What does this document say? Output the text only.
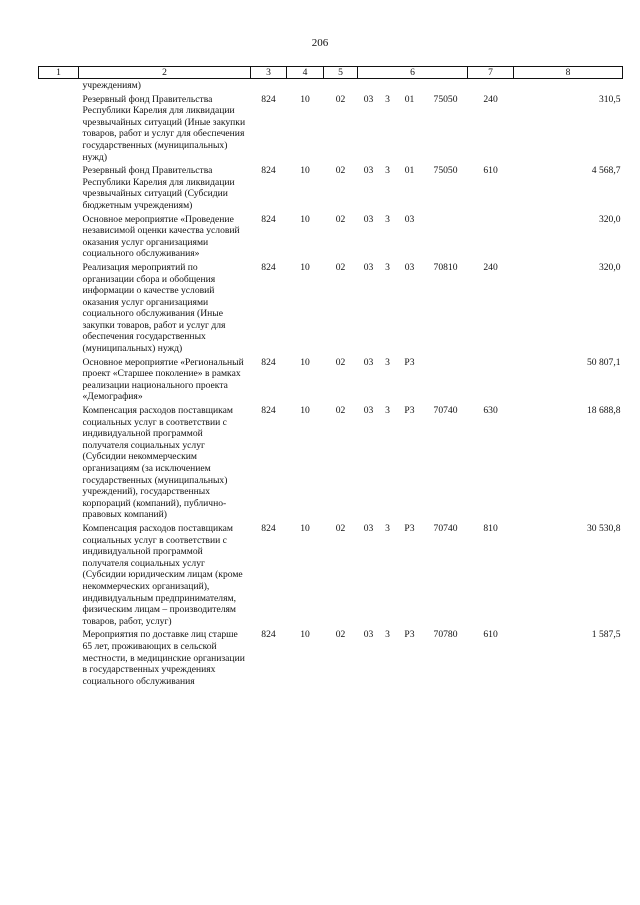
206
1	2	3	4	5	6				7	8
	учреждениям)									
	Резервный фонд Правительства Республики Карелия для ликвидации чрезвычайных ситуаций (Иные закупки товаров, работ и услуг для обеспечения государственных (муниципальных) нужд)	824	10	02	03	3	01	75050	240	310,5
	Резервный фонд Правительства Республики Карелия для ликвидации чрезвычайных ситуаций (Субсидии бюджетным учреждениям)	824	10	02	03	3	01	75050	610	4 568,7
	Основное мероприятие «Проведение независимой оценки качества условий оказания услуг организациями социального обслуживания»	824	10	02	03	3	03			320,0
	Реализация мероприятий по организации сбора и обобщения информации о качестве условий оказания услуг организациями социального обслуживания (Иные закупки товаров, работ и услуг для обеспечения государственных (муниципальных) нужд)	824	10	02	03	3	03	70810	240	320,0
	Основное мероприятие «Региональный проект «Старшее поколение» в рамках реализации национального проекта «Демография»	824	10	02	03	3	P3			50 807,1
	Компенсация расходов поставщикам социальных услуг в соответствии с индивидуальной программой получателя социальных услуг (Субсидии некоммерческим организациям (за исключением государственных (муниципальных) учреждений), государственных корпораций (компаний), публично-правовых компаний)	824	10	02	03	3	P3	70740	630	18 688,8
	Компенсация расходов поставщикам социальных услуг в соответствии с индивидуальной программой получателя социальных услуг (Субсидии юридическим лицам (кроме некоммерческих организаций), индивидуальным предпринимателям, физическим лицам – производителям товаров, работ, услуг)	824	10	02	03	3	P3	70740	810	30 530,8
	Мероприятия по доставке лиц старше 65 лет, проживающих в сельской местности, в медицинские организации в государственных учреждениях социального обслуживания	824	10	02	03	3	P3	70780	610	1 587,5
